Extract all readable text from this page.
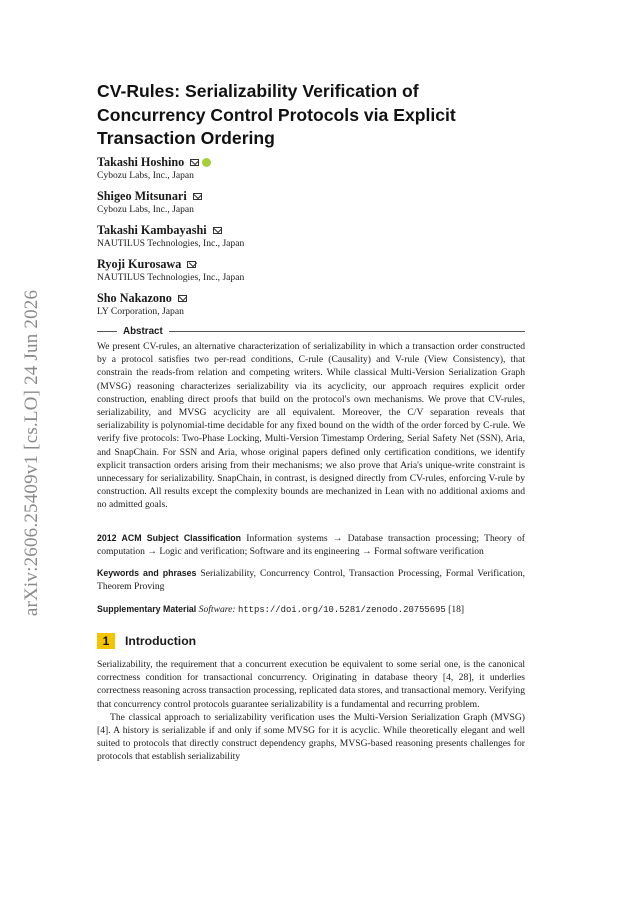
arXiv:2606.25409v1 [cs.LO] 24 Jun 2026
CV-Rules: Serializability Verification of Concurrency Control Protocols via Explicit Transaction Ordering
Takashi Hoshino
Cybozu Labs, Inc., Japan
Shigeo Mitsunari
Cybozu Labs, Inc., Japan
Takashi Kambayashi
NAUTILUS Technologies, Inc., Japan
Ryoji Kurosawa
NAUTILUS Technologies, Inc., Japan
Sho Nakazono
LY Corporation, Japan
Abstract

We present CV-rules, an alternative characterization of serializability in which a transaction order constructed by a protocol satisfies two per-read conditions, C-rule (Causality) and V-rule (View Consistency), that constrain the reads-from relation and competing writers. While classical Multi-Version Serialization Graph (MVSG) reasoning characterizes serializability via its acyclicity, our approach requires explicit order construction, enabling direct proofs that build on the protocol's own mechanisms. We prove that CV-rules, serializability, and MVSG acyclicity are all equivalent. Moreover, the C/V separation reveals that serializability is polynomial-time decidable for any fixed bound on the width of the order forced by C-rule. We verify five protocols: Two-Phase Locking, Multi-Version Timestamp Ordering, Serial Safety Net (SSN), Aria, and SnapChain. For SSN and Aria, whose original papers defined only certification conditions, we identify explicit transaction orders arising from their mechanisms; we also prove that Aria's unique-write constraint is unnecessary for serializability. SnapChain, in contrast, is designed directly from CV-rules, enforcing V-rule by construction. All results except the complexity bounds are mechanized in Lean with no additional axioms and no admitted goals.

2012 ACM Subject Classification Information systems → Database transaction processing; Theory of computation → Logic and verification; Software and its engineering → Formal software verification

Keywords and phrases Serializability, Concurrency Control, Transaction Processing, Formal Verification, Theorem Proving

Supplementary Material Software: https://doi.org/10.5281/zenodo.20755695 [18]

1	Introduction

Serializability, the requirement that a concurrent execution be equivalent to some serial one, is the canonical correctness condition for transactional concurrency. Originating in database theory [4, 28], it underlies correctness reasoning across transaction processing, replicated data stores, and transactional memory. Verifying that concurrency control protocols guarantee serializability is a fundamental and recurring problem.

The classical approach to serializability verification uses the Multi-Version Serialization Graph (MVSG) [4]. A history is serializable if and only if some MVSG for it is acyclic. While theoretically elegant and well suited to protocols that directly construct dependency graphs, MVSG-based reasoning presents challenges for protocols that establish serializability
